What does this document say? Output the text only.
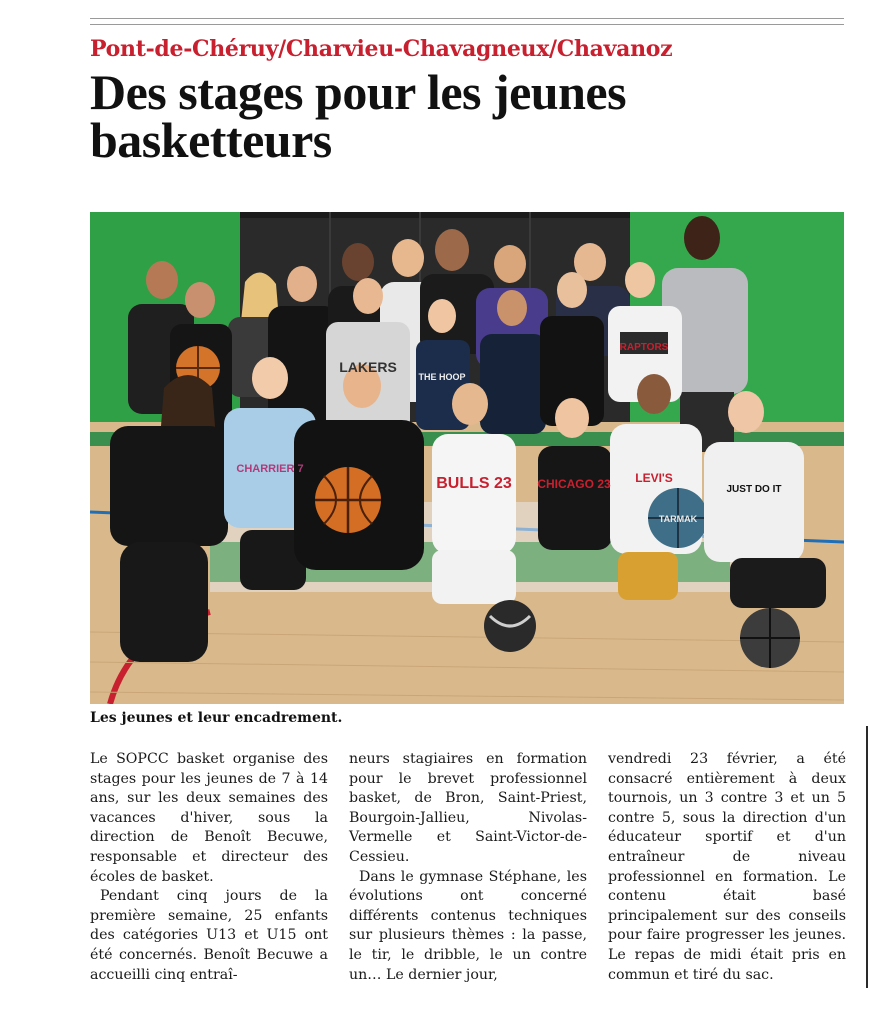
Pont-de-Chéruy/Charvieu-Chavagneux/Chavanoz
Des stages pour les jeunes basketteurs
RAPTORS
LAKERS
THE HOOP
BULLS 23 CHICAGO 23
CHARRIER 7
LEVI'S
JUST DO IT
TARMAK
Les jeunes et leur encadrement.

Le SOPCC basket organise des stages pour les jeunes de 7 à 14 ans, sur les deux semaines des vacances d'hiver, sous la direction de Benoît Becuwe, responsable et directeur des écoles de basket.

Pendant cinq jours de la première semaine, 25 enfants des catégories U13 et U15 ont été concernés. Benoît Becuwe a accueilli cinq entraî-

neurs stagiaires en formation pour le brevet professionnel basket, de Bron, Saint-Priest, Bourgoin-Jallieu, Nivolas-Vermelle et Saint-Victor-de-Cessieu.

Dans le gymnase Stéphane, les évolutions ont concerné différents contenus techniques sur plusieurs thèmes : la passe, le tir, le dribble, le un contre un… Le dernier jour,

vendredi 23 février, a été consacré entièrement à deux tournois, un 3 contre 3 et un 5 contre 5, sous la direction d'un éducateur sportif et d'un entraîneur de niveau professionnel en formation. Le contenu était basé principalement sur des conseils pour faire progresser les jeunes. Le repas de midi était pris en commun et tiré du sac.
